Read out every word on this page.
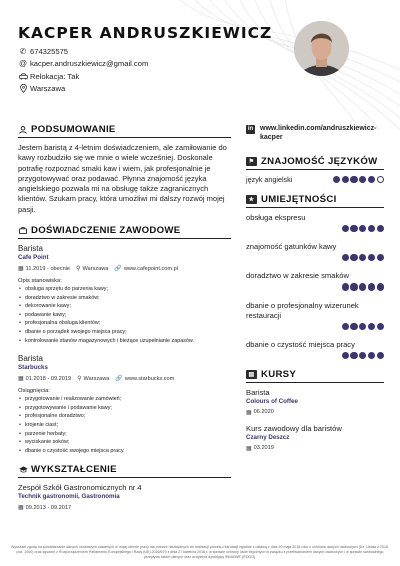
KACPER ANDRUSZKIEWICZ
✆ 674325575
@ kacper.andruszkiewicz@gmail.com
Relokacja: Tak
Warszawa
PODSUMOWANIE
Jestem baristą z 4-letnim doświadczeniem, ale zamiłowanie do kawy rozbudziło się we mnie o wiele wcześniej. Doskonale potrafię rozpoznać smaki kaw i wiem, jak profesjonalnie je przygotowywać oraz podawać. Płynna znajomość języka angielskiego pozwala mi na obsługę także zagranicznych klientów. Szukam pracy, która umożliwi mi dalszy rozwój mojej pasji.
DOŚWIADCZENIE ZAWODOWE
Barista
Cafe Point
▦ 11.2019 - obecnie ⚲ Warszawa 🔗 www.cafepoint.com.pl
Opis stanowiska:
• obsługa sprzętu do parzenia kawy;
• doradztwo w zakresie smaków;
• dekorowanie kawy;
• podawanie kawy;
• profesjonalna obsługa klientów;
• dbanie o porządek swojego miejsca pracy;
• kontrolowanie stanów magazynowych i bieżące uzupełnianie zapasów.
Barista
Starbucks
▦ 01.2018 - 09.2019 ⚲ Warszawa 🔗 www.starbucks.com
Osiągnięcia:
• przygotowanie i realizowanie zamówień;
• przygotowywanie i podawanie kawy;
• profesjonalne doradztwo;
• krojenie ciast;
• parzenie herbaty;
• wyciskanie soków;
• dbanie o czystość swojego miejsca pracy.
WYKSZTAŁCENIE
Zespół Szkół Gastronomicznych nr 4
Technik gastronomii, Gastronomia
▦ 09.2013 - 09.2017
in www.linkedin.com/andruszkiewicz-kacper
⚑ ZNAJOMOŚĆ JĘZYKÓW
język angielski
★ UMIEJĘTNOŚCI
obsługa ekspresu
znajomość gatunków kawy
doradztwo w zakresie smaków
dbanie o profesjonalny wizerunek restauracji
dbanie o czystość miejsca pracy
▤ KURSY
Barista
Colours of Coffee
▦ 06.2020
Kurs zawodowy dla baristów
Czarny Deszcz
▦ 03.2019
Wyrażam zgodę na przetwarzanie danych osobowych zawartych w mojej ofercie pracy dla potrzeb niezbędnych do realizacji procesu rekrutacji zgodnie z ustawą z dnia 10 maja 2018 roku o ochronie danych osobowych (Dz. Ustaw z 2018, poz. 1000) oraz zgodnie z Rozporządzeniem Parlamentu Europejskiego i Rady (UE) 2016/679 z dnia 27 kwietnia 2016 r. w sprawie ochrony osób fizycznych w związku z przetwarzaniem danych osobowych i w sprawie swobodnego przepływu takich danych oraz uchylenia dyrektywy 95/46/WE (RODO).
